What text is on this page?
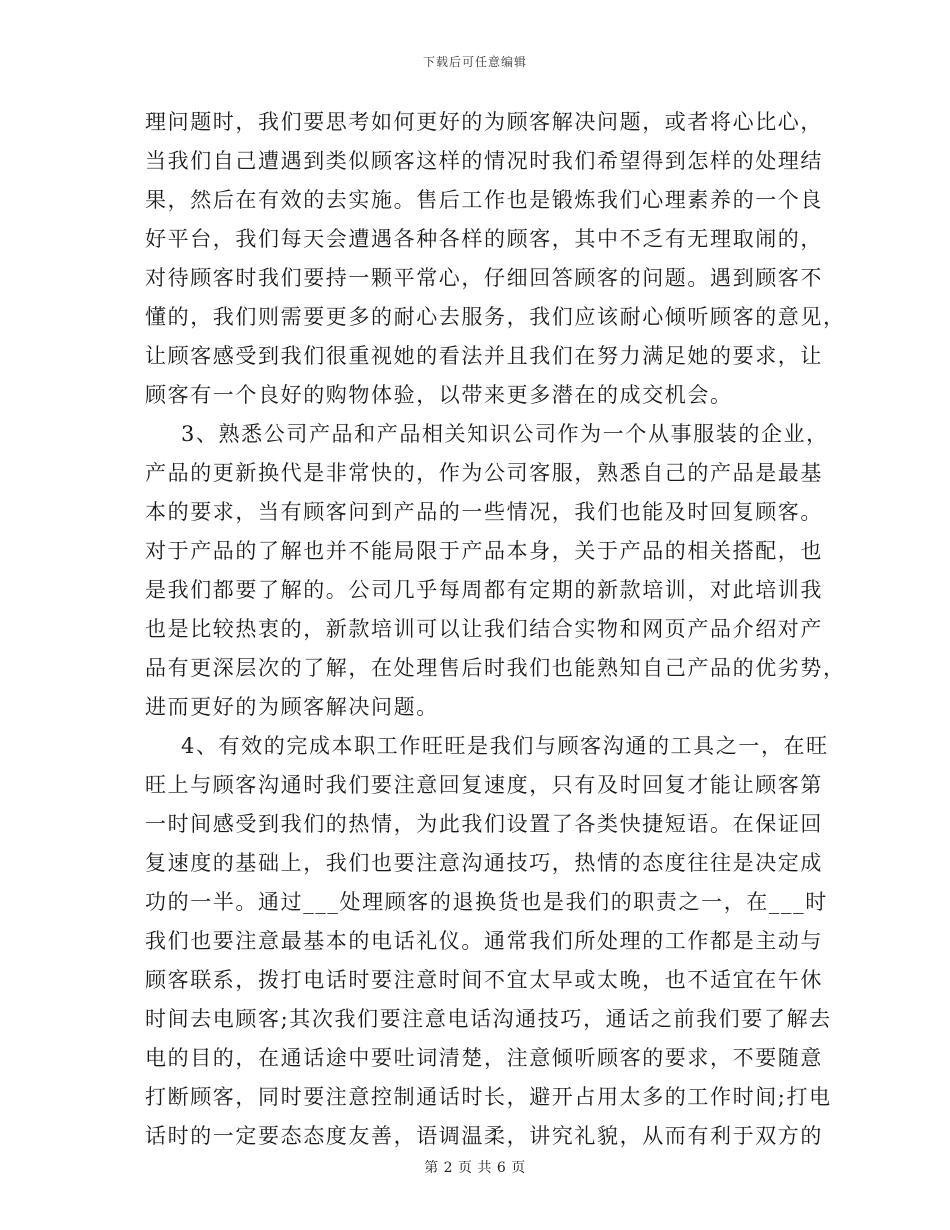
下载后可任意编辑
理问题时，我们要思考如何更好的为顾客解决问题，或者将心比心，
当我们自己遭遇到类似顾客这样的情况时我们希望得到怎样的处理结
果，然后在有效的去实施。售后工作也是锻炼我们心理素养的一个良
好平台，我们每天会遭遇各种各样的顾客，其中不乏有无理取闹的，
对待顾客时我们要持一颗平常心，仔细回答顾客的问题。遇到顾客不
懂的，我们则需要更多的耐心去服务，我们应该耐心倾听顾客的意见，
让顾客感受到我们很重视她的看法并且我们在努力满足她的要求，让
顾客有一个良好的购物体验，以带来更多潜在的成交机会。
3、熟悉公司产品和产品相关知识公司作为一个从事服装的企业，
产品的更新换代是非常快的，作为公司客服，熟悉自己的产品是最基
本的要求，当有顾客问到产品的一些情况，我们也能及时回复顾客。
对于产品的了解也并不能局限于产品本身，关于产品的相关搭配，也
是我们都要了解的。公司几乎每周都有定期的新款培训，对此培训我
也是比较热衷的，新款培训可以让我们结合实物和网页产品介绍对产
品有更深层次的了解，在处理售后时我们也能熟知自己产品的优劣势，
进而更好的为顾客解决问题。
4、有效的完成本职工作旺旺是我们与顾客沟通的工具之一，在旺
旺上与顾客沟通时我们要注意回复速度，只有及时回复才能让顾客第
一时间感受到我们的热情，为此我们设置了各类快捷短语。在保证回
复速度的基础上，我们也要注意沟通技巧，热情的态度往往是决定成
功的一半。通过___处理顾客的退换货也是我们的职责之一，在___时
我们也要注意最基本的电话礼仪。通常我们所处理的工作都是主动与
顾客联系，拨打电话时要注意时间不宜太早或太晚，也不适宜在午休
时间去电顾客;其次我们要注意电话沟通技巧，通话之前我们要了解去
电的目的，在通话途中要吐词清楚，注意倾听顾客的要求，不要随意
打断顾客，同时要注意控制通话时长，避开占用太多的工作时间;打电
话时的一定要态态度友善，语调温柔，讲究礼貌，从而有利于双方的
第 2 页 共 6 页
